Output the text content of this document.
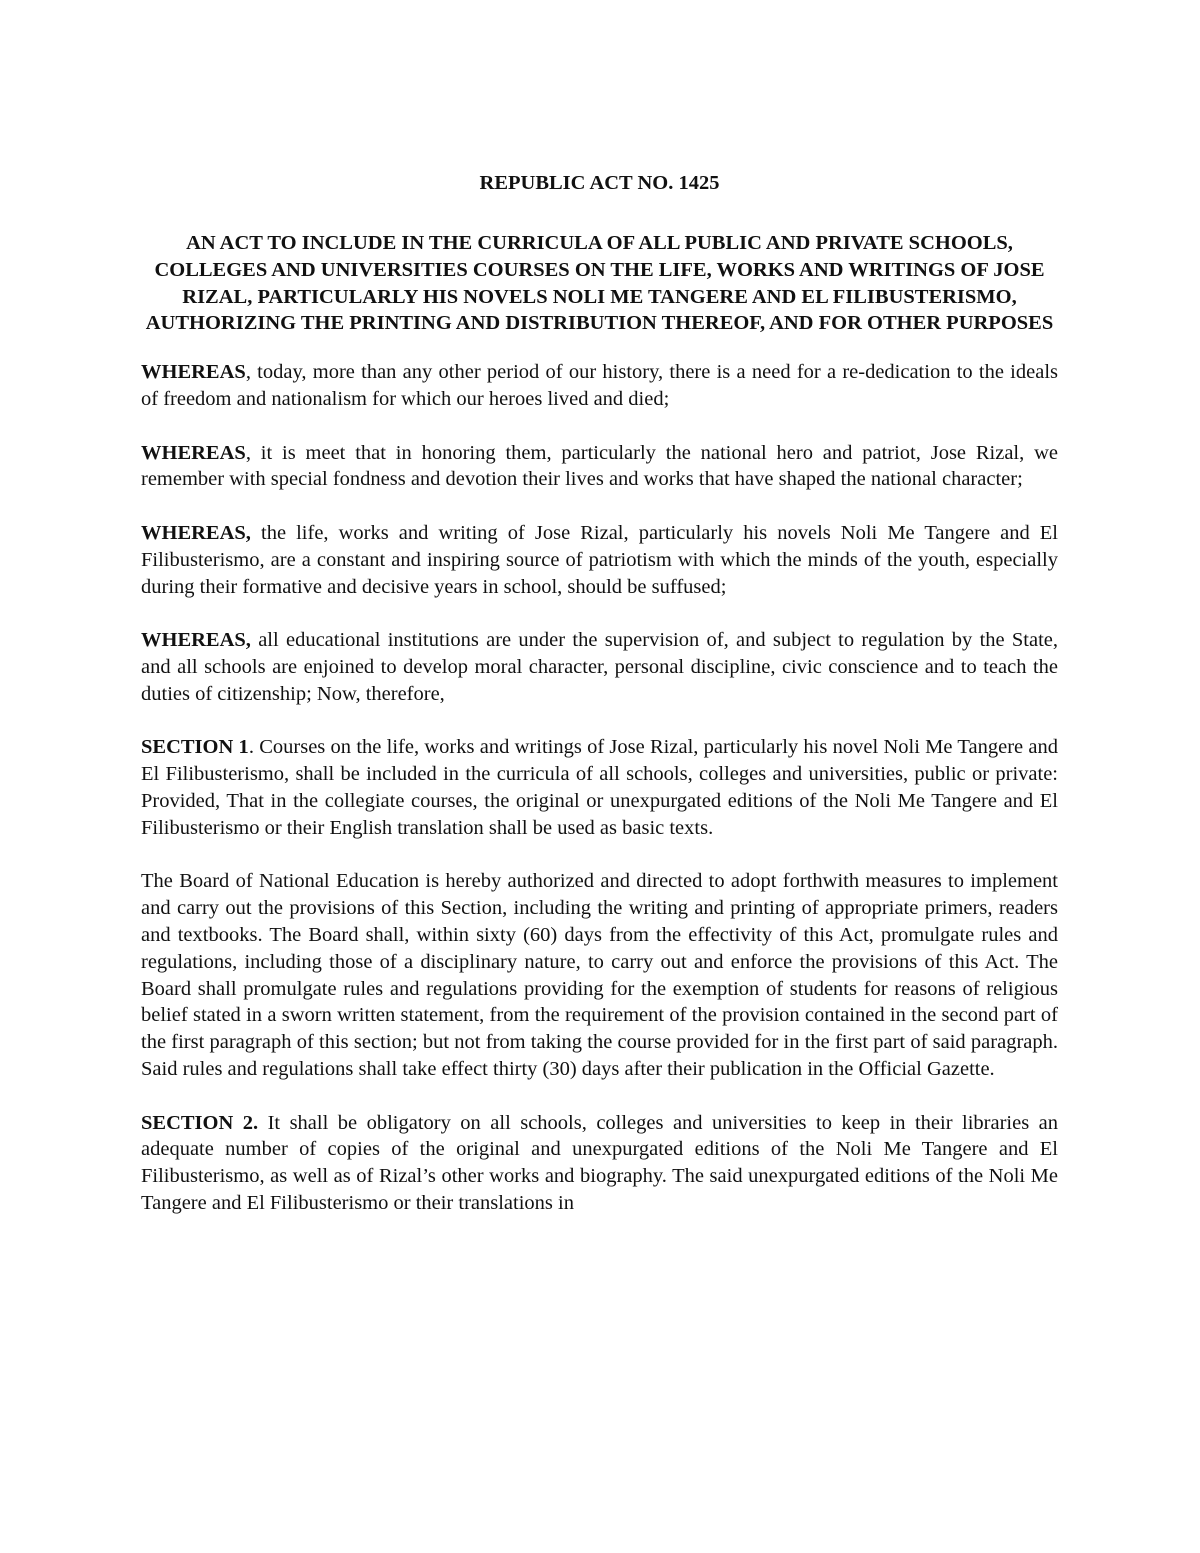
REPUBLIC ACT NO. 1425
AN ACT TO INCLUDE IN THE CURRICULA OF ALL PUBLIC AND PRIVATE SCHOOLS, COLLEGES AND UNIVERSITIES COURSES ON THE LIFE, WORKS AND WRITINGS OF JOSE RIZAL, PARTICULARLY HIS NOVELS NOLI ME TANGERE AND EL FILIBUSTERISMO, AUTHORIZING THE PRINTING AND DISTRIBUTION THEREOF, AND FOR OTHER PURPOSES

WHEREAS, today, more than any other period of our history, there is a need for a re-dedication to the ideals of freedom and nationalism for which our heroes lived and died;

WHEREAS, it is meet that in honoring them, particularly the national hero and patriot, Jose Rizal, we remember with special fondness and devotion their lives and works that have shaped the national character;

WHEREAS, the life, works and writing of Jose Rizal, particularly his novels Noli Me Tangere and El Filibusterismo, are a constant and inspiring source of patriotism with which the minds of the youth, especially during their formative and decisive years in school, should be suffused;

WHEREAS, all educational institutions are under the supervision of, and subject to regulation by the State, and all schools are enjoined to develop moral character, personal discipline, civic conscience and to teach the duties of citizenship; Now, therefore,

SECTION 1. Courses on the life, works and writings of Jose Rizal, particularly his novel Noli Me Tangere and El Filibusterismo, shall be included in the curricula of all schools, colleges and universities, public or private: Provided, That in the collegiate courses, the original or unexpurgated editions of the Noli Me Tangere and El Filibusterismo or their English translation shall be used as basic texts.

The Board of National Education is hereby authorized and directed to adopt forthwith measures to implement and carry out the provisions of this Section, including the writing and printing of appropriate primers, readers and textbooks. The Board shall, within sixty (60) days from the effectivity of this Act, promulgate rules and regulations, including those of a disciplinary nature, to carry out and enforce the provisions of this Act. The Board shall promulgate rules and regulations providing for the exemption of students for reasons of religious belief stated in a sworn written statement, from the requirement of the provision contained in the second part of the first paragraph of this section; but not from taking the course provided for in the first part of said paragraph. Said rules and regulations shall take effect thirty (30) days after their publication in the Official Gazette.

SECTION 2. It shall be obligatory on all schools, colleges and universities to keep in their libraries an adequate number of copies of the original and unexpurgated editions of the Noli Me Tangere and El Filibusterismo, as well as of Rizal’s other works and biography. The said unexpurgated editions of the Noli Me Tangere and El Filibusterismo or their translations in
